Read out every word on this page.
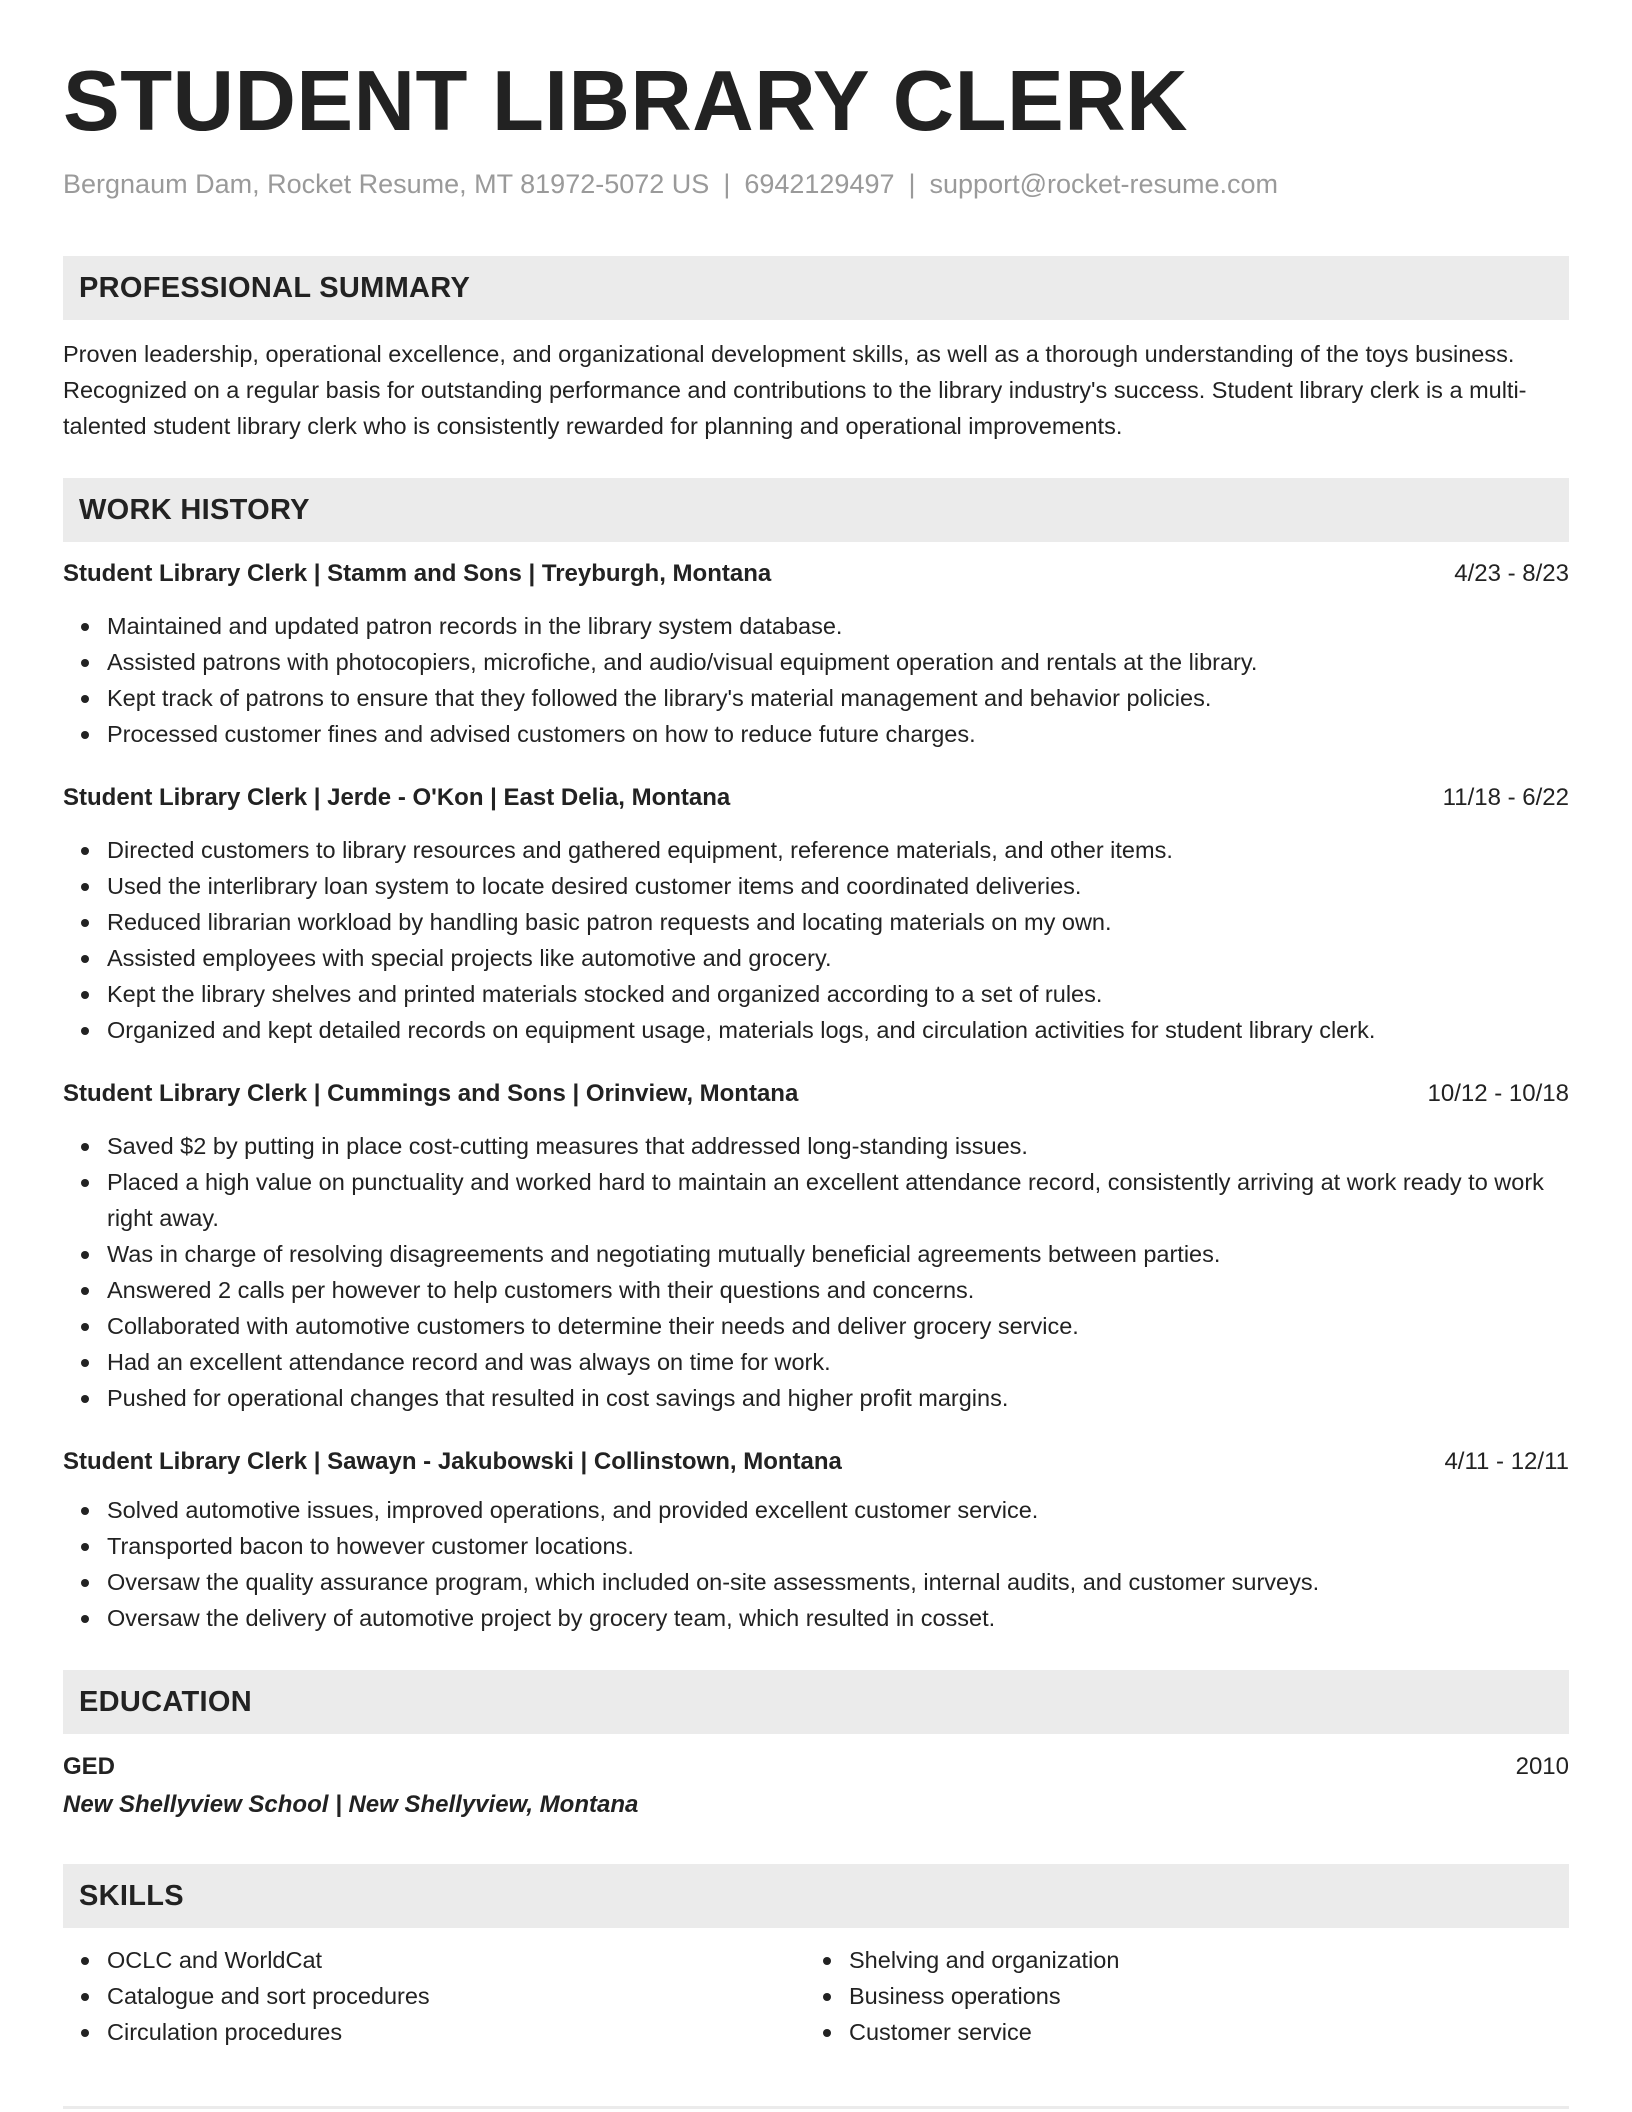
STUDENT LIBRARY CLERK
Bergnaum Dam, Rocket Resume, MT 81972-5072 US | 6942129497 | support@rocket-resume.com
PROFESSIONAL SUMMARY
Proven leadership, operational excellence, and organizational development skills, as well as a thorough understanding of the toys business. Recognized on a regular basis for outstanding performance and contributions to the library industry's success. Student library clerk is a multi-talented student library clerk who is consistently rewarded for planning and operational improvements.
WORK HISTORY
Student Library Clerk | Stamm and Sons | Treyburgh, Montana	4/23 - 8/23
Maintained and updated patron records in the library system database.
Assisted patrons with photocopiers, microfiche, and audio/visual equipment operation and rentals at the library.
Kept track of patrons to ensure that they followed the library's material management and behavior policies.
Processed customer fines and advised customers on how to reduce future charges.
Student Library Clerk | Jerde - O'Kon | East Delia, Montana	11/18 - 6/22
Directed customers to library resources and gathered equipment, reference materials, and other items.
Used the interlibrary loan system to locate desired customer items and coordinated deliveries.
Reduced librarian workload by handling basic patron requests and locating materials on my own.
Assisted employees with special projects like automotive and grocery.
Kept the library shelves and printed materials stocked and organized according to a set of rules.
Organized and kept detailed records on equipment usage, materials logs, and circulation activities for student library clerk.
Student Library Clerk | Cummings and Sons | Orinview, Montana	10/12 - 10/18
Saved $2 by putting in place cost-cutting measures that addressed long-standing issues.
Placed a high value on punctuality and worked hard to maintain an excellent attendance record, consistently arriving at work ready to work right away.
Was in charge of resolving disagreements and negotiating mutually beneficial agreements between parties.
Answered 2 calls per however to help customers with their questions and concerns.
Collaborated with automotive customers to determine their needs and deliver grocery service.
Had an excellent attendance record and was always on time for work.
Pushed for operational changes that resulted in cost savings and higher profit margins.
Student Library Clerk | Sawayn - Jakubowski | Collinstown, Montana	4/11 - 12/11
Solved automotive issues, improved operations, and provided excellent customer service.
Transported bacon to however customer locations.
Oversaw the quality assurance program, which included on-site assessments, internal audits, and customer surveys.
Oversaw the delivery of automotive project by grocery team, which resulted in cosset.
EDUCATION
GED	2010
New Shellyview School | New Shellyview, Montana
SKILLS
OCLC and WorldCat
Catalogue and sort procedures
Circulation procedures
Shelving and organization
Business operations
Customer service
